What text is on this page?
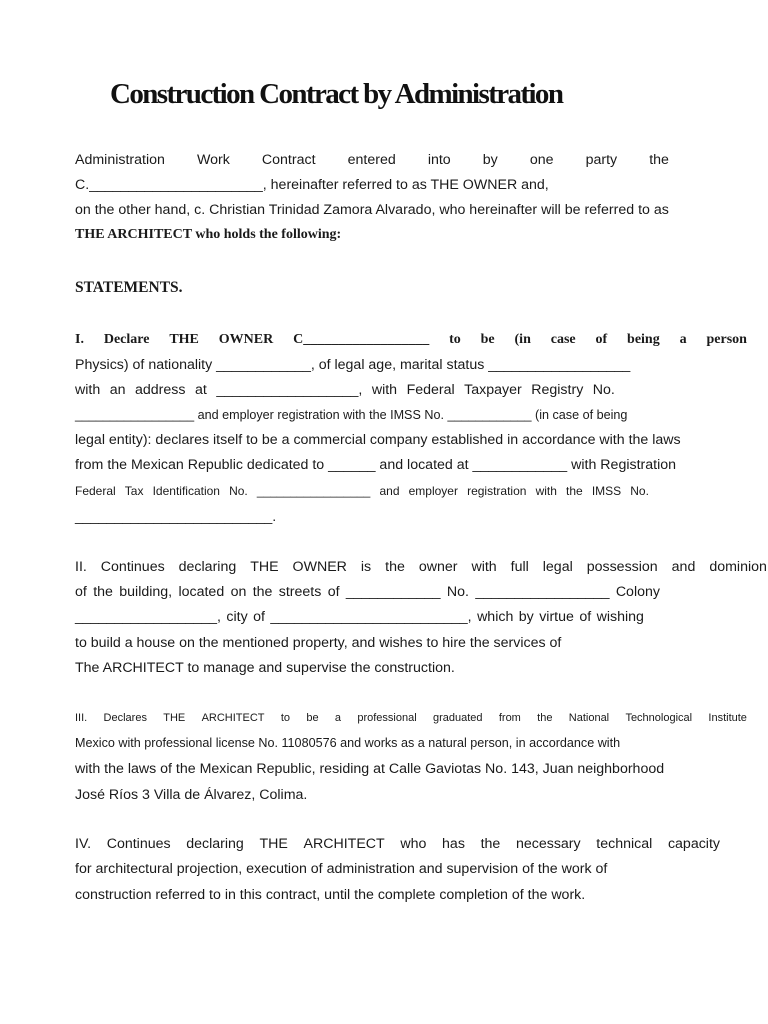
Construction Contract by Administration

Administration Work Contract entered into by one party the

C.______________________, hereinafter referred to as THE OWNER and,

on the other hand, c. Christian Trinidad Zamora Alvarado, who hereinafter will be referred to as

THE ARCHITECT who holds the following:

STATEMENTS.

I. Declare THE OWNER C__________________ to be (in case of being a person

Physics) of nationality ____________, of legal age, marital status __________________

with an address at __________________, with Federal Taxpayer Registry No.

_________________ and employer registration with the IMSS No. ____________ (in case of being

legal entity): declares itself to be a commercial company established in accordance with the laws

from the Mexican Republic dedicated to ______ and located at ____________ with Registration

Federal Tax Identification No. _________________ and employer registration with the IMSS No.

_________________________.

II. Continues declaring THE OWNER is the owner with full legal possession and dominion

of the building, located on the streets of ____________ No. _________________ Colony

__________________, city of _________________________, which by virtue of wishing

to build a house on the mentioned property, and wishes to hire the services of

The ARCHITECT to manage and supervise the construction.

III. Declares THE ARCHITECT to be a professional graduated from the National Technological Institute

Mexico with professional license No. 11080576 and works as a natural person, in accordance with

with the laws of the Mexican Republic, residing at Calle Gaviotas No. 143, Juan neighborhood

José Ríos 3 Villa de Álvarez, Colima.

IV. Continues declaring THE ARCHITECT who has the necessary technical capacity

for architectural projection, execution of administration and supervision of the work of

construction referred to in this contract, until the complete completion of the work.
